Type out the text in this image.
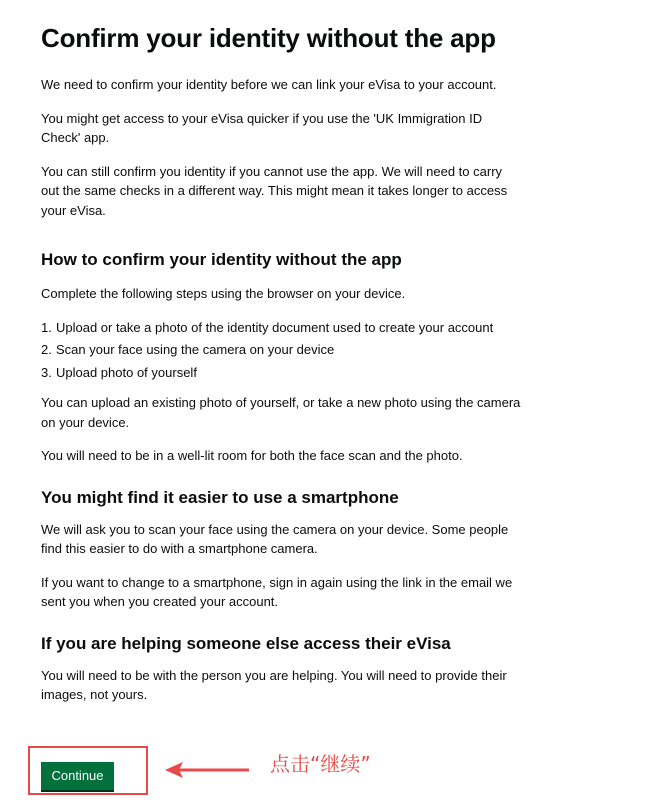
Confirm your identity without the app

We need to confirm your identity before we can link your eVisa to your account.

You might get access to your eVisa quicker if you use the 'UK Immigration ID Check' app.

You can still confirm you identity if you cannot use the app. We will need to carry out the same checks in a different way. This might mean it takes longer to access your eVisa.

How to confirm your identity without the app

Complete the following steps using the browser on your device.

1. Upload or take a photo of the identity document used to create your account
2. Scan your face using the camera on your device
3. Upload photo of yourself

You can upload an existing photo of yourself, or take a new photo using the camera on your device.

You will need to be in a well-lit room for both the face scan and the photo.

You might find it easier to use a smartphone

We will ask you to scan your face using the camera on your device. Some people find this easier to do with a smartphone camera.

If you want to change to a smartphone, sign in again using the link in the email we sent you when you created your account.

If you are helping someone else access their eVisa

You will need to be with the person you are helping. You will need to provide their images, not yours.

Continue	点击“继续”
